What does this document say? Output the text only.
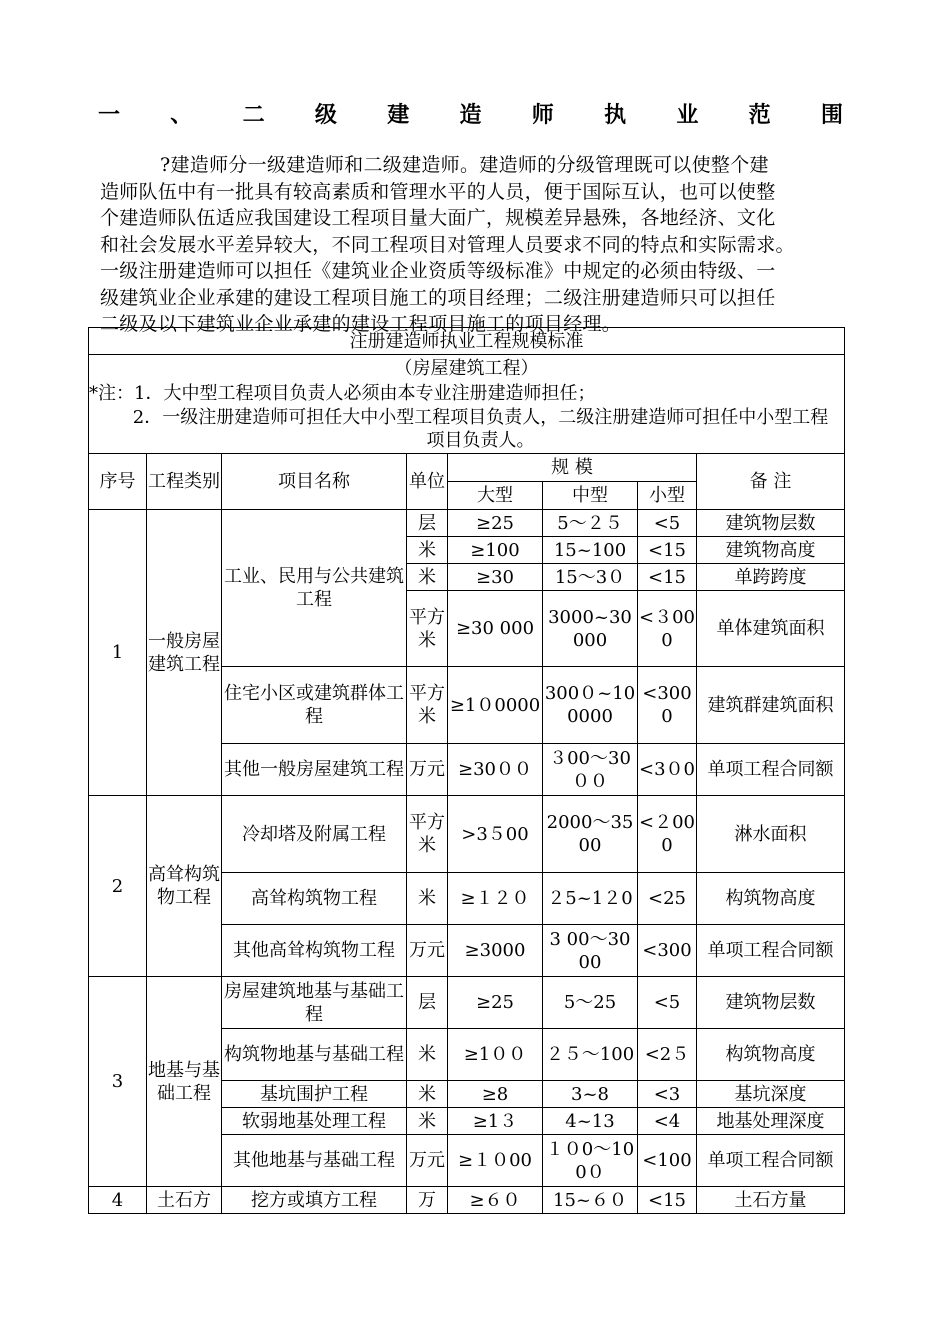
一 、 二 级 建 造 师 执 业 范 围
?建造师分一级建造师和二级建造师。建造师的分级管理既可以使整个建
造师队伍中有一批具有较高素质和管理水平的人员，便于国际互认，也可以使整
个建造师队伍适应我国建设工程项目量大面广，规模差异悬殊，各地经济、文化
和社会发展水平差异较大，不同工程项目对管理人员要求不同的特点和实际需求。
一级注册建造师可以担任《建筑业企业资质等级标准》中规定的必须由特级、一
级建筑业企业承建的建设工程项目施工的项目经理；二级注册建造师只可以担任
二级及以下建筑业企业承建的建设工程项目施工的项目经理。
注册建造师执业工程规模标准							
（房屋建筑工程）							
*注：1．大中型工程项目负责人必须由本专业注册建造师担任；							
2．一级注册建造师可担任大中小型工程项目负责人，二级注册建造师可担任中小型工程项目负责人。							
序号	工程类别	项目名称	单位	规 模			备 注
				大型	中型	小型	
1	一般房屋建筑工程	工业、民用与公共建筑工程	层	≥25	5～２５	<5	建筑物层数
			米	≥100	15~100	<15	建筑物高度
			米	≥30	15～3０	<15	单跨跨度
			平方米	≥30 000	3000~30000	<３000	单体建筑面积
		住宅小区或建筑群体工程	平方米	≥1０0000	300０~100000	<3000	建筑群建筑面积
		其他一般房屋建筑工程	万元	≥30００	３00～30００	<3０0	单项工程合同额
2	高耸构筑物工程	冷却塔及附属工程	平方米	>3５00	2000～3500	<２000	淋水面积
		高耸构筑物工程	米	≥１２０	２5~1２0	<25	构筑物高度
		其他高耸构筑物工程	万元	≥3000	3 00～3000	<300	单项工程合同额
3	地基与基础工程	房屋建筑地基与基础工程	层	≥25	5～25	<5	建筑物层数
		构筑物地基与基础工程	米	≥1００	２５～100	<2５	构筑物高度
		基坑围护工程	米	≥8	3~8	<3	基坑深度
		软弱地基处理工程	米	≥1３	4~13	<4	地基处理深度
		其他地基与基础工程	万元	≥１０00	１０0～100０	<100	单项工程合同额
4	土石方	挖方或填方工程	万	≥６０	15~６０	<15	土石方量
